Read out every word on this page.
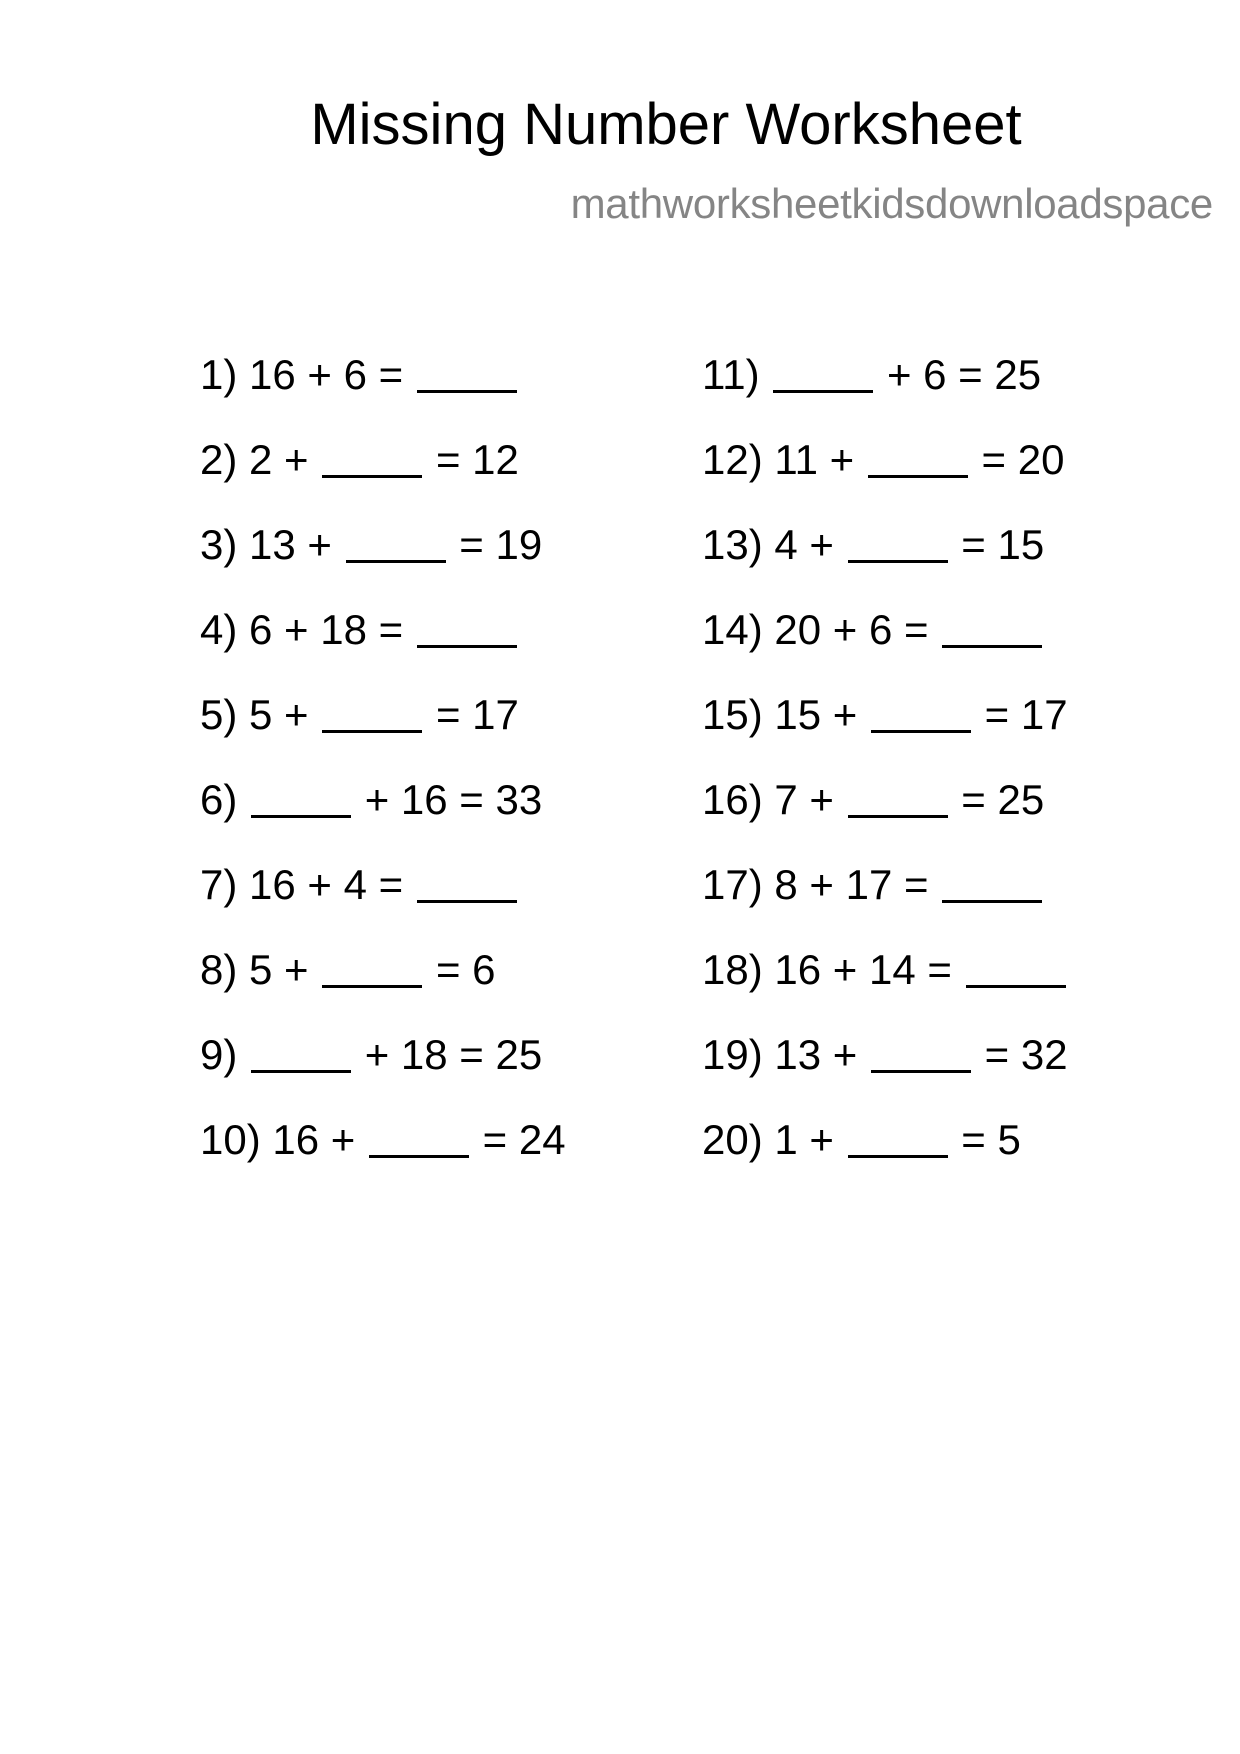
Missing Number Worksheet
mathworksheetkidsdownloadspace
1) 16 + 6 =
2) 2 +	= 12
3) 13 +	= 19
4) 6 + 18 =
5) 5 +	= 17
6)	+ 16 = 33
7) 16 + 4 =
8) 5 +	= 6
9)	+ 18 = 25
10) 16 +	= 24
11)	+ 6 = 25
12) 11 +	= 20
13) 4 +	= 15
14) 20 + 6 =
15) 15 +	= 17
16) 7 +	= 25
17) 8 + 17 =
18) 16 + 14 =
19) 13 +	= 32
20) 1 +	= 5
